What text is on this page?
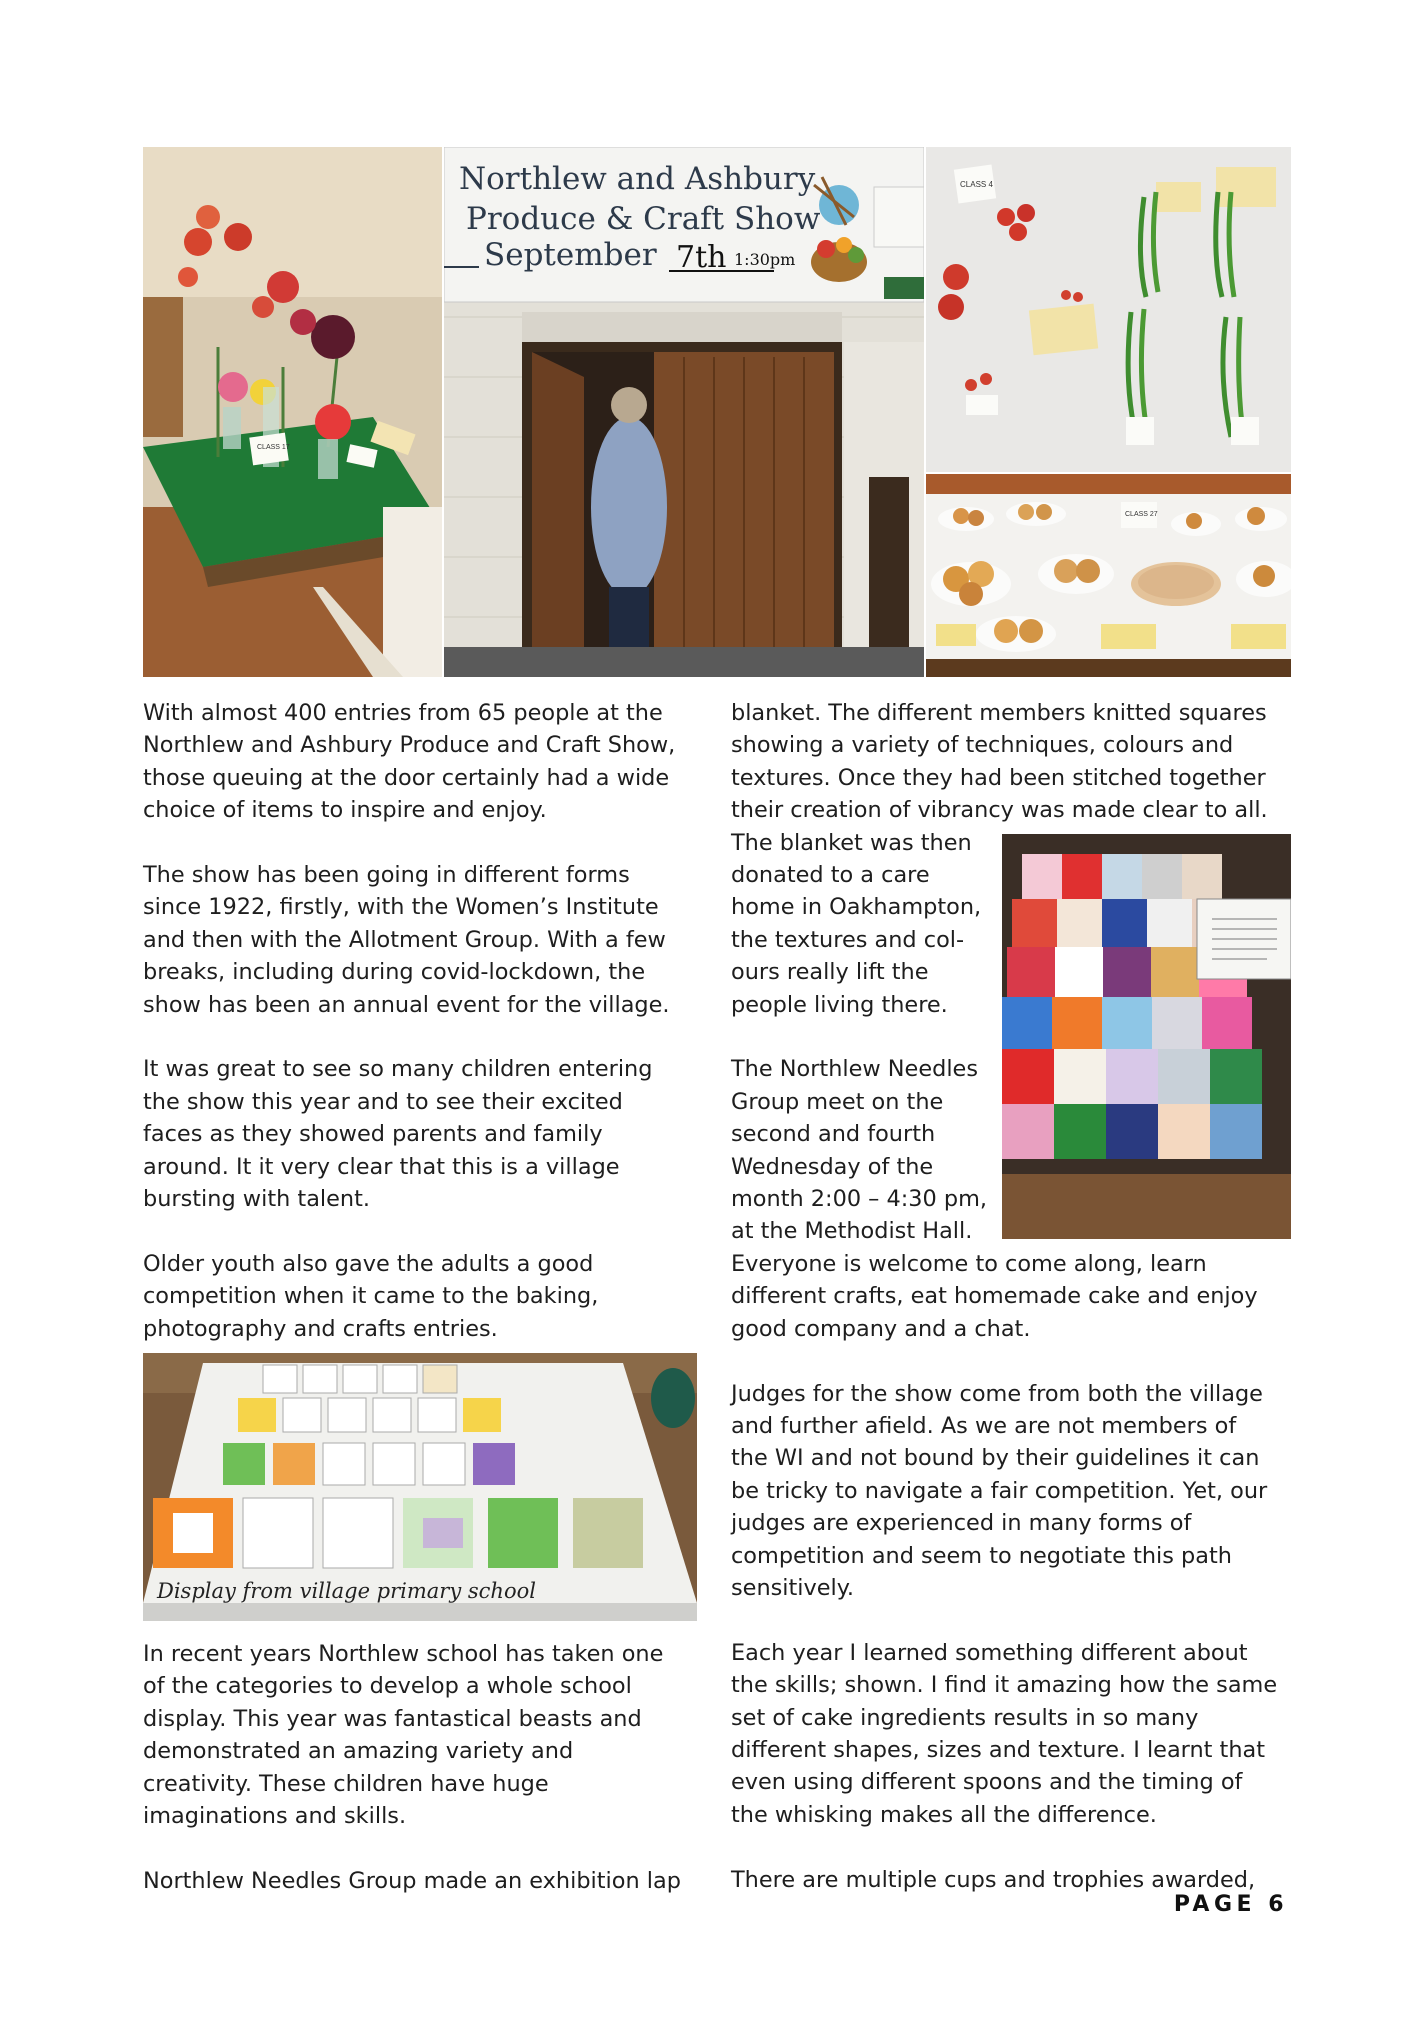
CLASS 17
Northlew and Ashbury
Produce & Craft Show
September 7th 1:30pm
CLASS 4
CLASS 27
Display from village primary school

With almost 400 entries from 65 people at the
Northlew and Ashbury Produce and Craft Show,
those queuing at the door certainly had a wide
choice of items to inspire and enjoy.

The show has been going in different forms
since 1922, firstly, with the Women’s Institute
and then with the Allotment Group. With a few
breaks, including during covid-lockdown, the
show has been an annual event for the village.

It was great to see so many children entering
the show this year and to see their excited
faces as they showed parents and family
around. It it very clear that this is a village
bursting with talent.

Older youth also gave the adults a good
competition when it came to the baking,
photography and crafts entries.

In recent years Northlew school has taken one
of the categories to develop a whole school
display. This year was fantastical beasts and
demonstrated an amazing variety and
creativity. These children have huge
imaginations and skills.

Northlew Needles Group made an exhibition lap

blanket. The different members knitted squares
showing a variety of techniques, colours and
textures. Once they had been stitched together
their creation of vibrancy was made clear to all.

The blanket was then
donated to a care
home in Oakhampton,
the textures and col-
ours really lift the
people living there.

The Northlew Needles
Group meet on the
second and fourth
Wednesday of the
month 2:00 – 4:30 pm,
at the Methodist Hall.

Everyone is welcome to come along, learn
different crafts, eat homemade cake and enjoy
good company and a chat.

Judges for the show come from both the village
and further afield. As we are not members of
the WI and not bound by their guidelines it can
be tricky to navigate a fair competition. Yet, our
judges are experienced in many forms of
competition and seem to negotiate this path
sensitively.

Each year I learned something different about
the skills; shown. I find it amazing how the same
set of cake ingredients results in so many
different shapes, sizes and texture. I learnt that
even using different spoons and the timing of
the whisking makes all the difference.

There are multiple cups and trophies awarded,

PAGE 6
